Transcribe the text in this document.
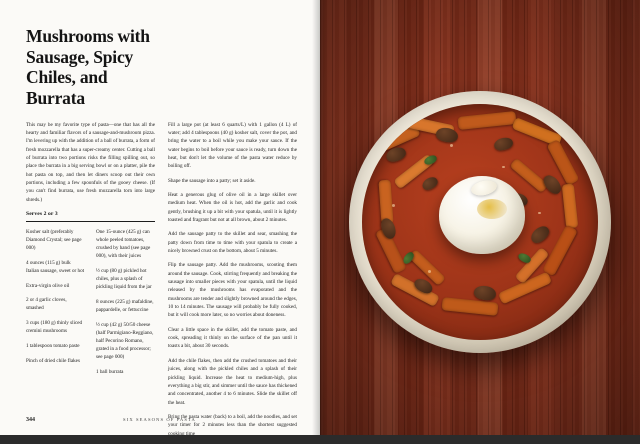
Mushrooms with Sausage, Spicy Chiles, and Burrata

This may be my favorite type of pasta—one that has all the hearty and familiar flavors of a sausage-and-mushroom pizza. I'm levering up with the addition of a ball of burrata, a form of fresh mozzarella that has a super-creamy center. Cutting a ball of burrata into two portions risks the filling spilling out, so place the burrata in a big serving bowl or on a platter, pile the hot pasta on top, and then let diners scoop out their own portions, including a few spoonfuls of the gooey cheese. (If you can't find burrata, use fresh mozzarella torn into large shreds.)

Serves 2 or 3
Kosher salt (preferably Diamond Crystal; see page 000)
4 ounces (115 g) bulk Italian sausage, sweet or hot
Extra-virgin olive oil
2 or 4 garlic cloves, smashed
3 cups (180 g) thinly sliced cremini mushrooms
1 tablespoon tomato paste
Pinch of dried chile flakes
One 15-ounce (425 g) can whole peeled tomatoes, crushed by hand (see page 000), with their juices
½ cup (80 g) pickled hot chiles, plus a splash of pickling liquid from the jar
8 ounces (225 g) mafaldine, pappardelle, or fettuccine
½ cup (42 g) 50/50 cheese (half Parmigiano-Reggiano, half Pecorino Romano, grated in a food processor; see page 000)
1 ball burrata

Fill a large pot (at least 6 quarts/L) with 1 gallon (4 L) of water; add 4 tablespoons (40 g) kosher salt, cover the pot, and bring the water to a boil while you make your sauce. If the water begins to boil before your sauce is ready, turn down the heat, but don't let the volume of the pasta water reduce by boiling off.

Shape the sausage into a patty; set it aside.

Heat a generous glug of olive oil in a large skillet over medium heat. When the oil is hot, add the garlic and cook gently, brushing it up a bit with your spatula, until it is lightly toasted and fragrant but not at all brown, about 2 minutes.

Add the sausage patty to the skillet and sear, smashing the patty down from time to time with your spatula to create a nicely browned crust on the bottom, about 5 minutes.

Flip the sausage patty. Add the mushrooms, scooting them around the sausage. Cook, stirring frequently and breaking the sausage into smaller pieces with your spatula, until the liquid released by the mushrooms has evaporated and the mushrooms are tender and slightly browned around the edges, 10 to 14 minutes. The sausage will probably be fully cooked, but it will cook more later, so no worries about doneness.

Clear a little space in the skillet, add the tomato paste, and cook, spreading it thinly on the surface of the pan until it toasts a bit, about 30 seconds.

Add the chile flakes, then add the crushed tomatoes and their juices, along with the pickled chiles and a splash of their pickling liquid. Increase the heat to medium-high, plus everything a big stir, and simmer until the sauce has thickened and concentrated, another 4 to 6 minutes. Slide the skillet off the heat.

Bring the pasta water (back) to a boil, add the noodles, and set your timer for 2 minutes less than the shortest suggested cooking time

344	SIX SEASONS OF PASTA
